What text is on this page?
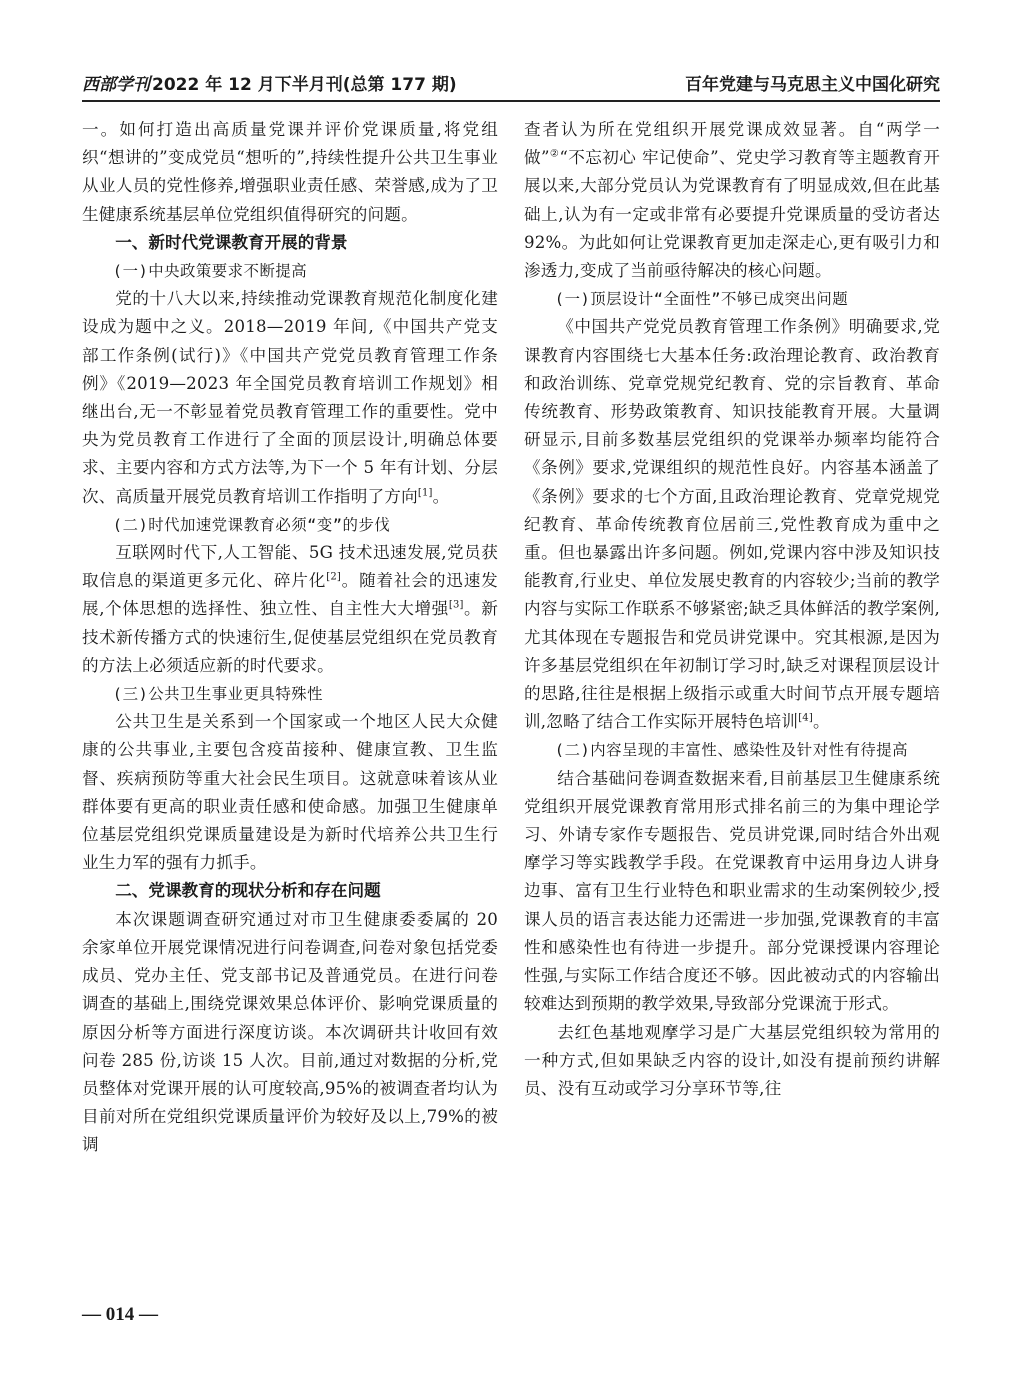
西部学刊 2022 年 12 月下半月刊(总第 177 期)	百年党建与马克思主义中国化研究

一。如何打造出高质量党课并评价党课质量,将党组织“想讲的”变成党员“想听的”,持续性提升公共卫生事业从业人员的党性修养,增强职业责任感、荣誉感,成为了卫生健康系统基层单位党组织值得研究的问题。

一、新时代党课教育开展的背景
(一)中央政策要求不断提高

党的十八大以来,持续推动党课教育规范化制度化建设成为题中之义。2018—2019 年间,《中国共产党支部工作条例(试行)》《中国共产党党员教育管理工作条例》《2019—2023 年全国党员教育培训工作规划》相继出台,无一不彰显着党员教育管理工作的重要性。党中央为党员教育工作进行了全面的顶层设计,明确总体要求、主要内容和方式方法等,为下一个 5 年有计划、分层次、高质量开展党员教育培训工作指明了方向[1]。

(二)时代加速党课教育必须“变”的步伐

互联网时代下,人工智能、5G 技术迅速发展,党员获取信息的渠道更多元化、碎片化[2]。随着社会的迅速发展,个体思想的选择性、独立性、自主性大大增强[3]。新技术新传播方式的快速衍生,促使基层党组织在党员教育的方法上必须适应新的时代要求。

(三)公共卫生事业更具特殊性

公共卫生是关系到一个国家或一个地区人民大众健康的公共事业,主要包含疫苗接种、健康宣教、卫生监督、疾病预防等重大社会民生项目。这就意味着该从业群体要有更高的职业责任感和使命感。加强卫生健康单位基层党组织党课质量建设是为新时代培养公共卫生行业生力军的强有力抓手。

二、党课教育的现状分析和存在问题

本次课题调查研究通过对市卫生健康委委属的 20 余家单位开展党课情况进行问卷调查,问卷对象包括党委成员、党办主任、党支部书记及普通党员。在进行问卷调查的基础上,围绕党课效果总体评价、影响党课质量的原因分析等方面进行深度访谈。本次调研共计收回有效问卷 285 份,访谈 15 人次。目前,通过对数据的分析,党员整体对党课开展的认可度较高,95%的被调查者均认为目前对所在党组织党课质量评价为较好及以上,79%的被调

查者认为所在党组织开展党课成效显著。自“两学一做”②“不忘初心 牢记使命”、党史学习教育等主题教育开展以来,大部分党员认为党课教育有了明显成效,但在此基础上,认为有一定或非常有必要提升党课质量的受访者达 92%。为此如何让党课教育更加走深走心,更有吸引力和渗透力,变成了当前亟待解决的核心问题。

(一)顶层设计“全面性”不够已成突出问题

《中国共产党党员教育管理工作条例》明确要求,党课教育内容围绕七大基本任务:政治理论教育、政治教育和政治训练、党章党规党纪教育、党的宗旨教育、革命传统教育、形势政策教育、知识技能教育开展。大量调研显示,目前多数基层党组织的党课举办频率均能符合《条例》要求,党课组织的规范性良好。内容基本涵盖了《条例》要求的七个方面,且政治理论教育、党章党规党纪教育、革命传统教育位居前三,党性教育成为重中之重。但也暴露出许多问题。例如,党课内容中涉及知识技能教育,行业史、单位发展史教育的内容较少;当前的教学内容与实际工作联系不够紧密;缺乏具体鲜活的教学案例,尤其体现在专题报告和党员讲党课中。究其根源,是因为许多基层党组织在年初制订学习时,缺乏对课程顶层设计的思路,往往是根据上级指示或重大时间节点开展专题培训,忽略了结合工作实际开展特色培训[4]。

(二)内容呈现的丰富性、感染性及针对性有待提高

结合基础问卷调查数据来看,目前基层卫生健康系统党组织开展党课教育常用形式排名前三的为集中理论学习、外请专家作专题报告、党员讲党课,同时结合外出观摩学习等实践教学手段。在党课教育中运用身边人讲身边事、富有卫生行业特色和职业需求的生动案例较少,授课人员的语言表达能力还需进一步加强,党课教育的丰富性和感染性也有待进一步提升。部分党课授课内容理论性强,与实际工作结合度还不够。因此被动式的内容输出较难达到预期的教学效果,导致部分党课流于形式。

去红色基地观摩学习是广大基层党组织较为常用的一种方式,但如果缺乏内容的设计,如没有提前预约讲解员、没有互动或学习分享环节等,往

— 014 —
